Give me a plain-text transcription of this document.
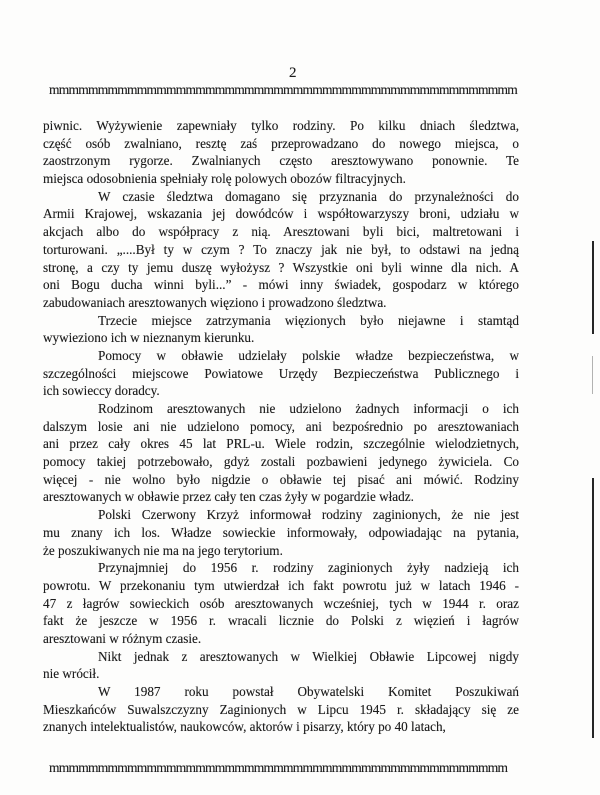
2
mmmmmmmmmmmmmmmmmmmmmmmmmmmmmmmmmmmmmmmmmmmmmmmm
piwnic. Wyżywienie zapewniały tylko rodziny. Po kilku dniach śledztwa,
część osób zwalniano, resztę zaś przeprowadzano do nowego miejsca, o
zaostrzonym rygorze. Zwalnianych często aresztowywano ponownie. Te
miejsca odosobnienia spełniały rolę polowych obozów filtracyjnych.
W czasie śledztwa domagano się przyznania do przynależności do
Armii Krajowej, wskazania jej dowódców i współtowarzyszy broni, udziału w
akcjach albo do współpracy z nią. Aresztowani byli bici, maltretowani i
torturowani. „....Był ty w czym ? To znaczy jak nie był, to odstawi na jedną
stronę, a czy ty jemu duszę wyłożysz ? Wszystkie oni byli winne dla nich. A
oni Bogu ducha winni byli...” - mówi inny świadek, gospodarz w którego
zabudowaniach aresztowanych więziono i prowadzono śledztwa.
Trzecie miejsce zatrzymania więzionych było niejawne i stamtąd
wywieziono ich w nieznanym kierunku.
Pomocy w obławie udzielały polskie władze bezpieczeństwa, w
szczególności miejscowe Powiatowe Urzędy Bezpieczeństwa Publicznego i
ich sowieccy doradcy.
Rodzinom aresztowanych nie udzielono żadnych informacji o ich
dalszym losie ani nie udzielono pomocy, ani bezpośrednio po aresztowaniach
ani przez cały okres 45 lat PRL-u. Wiele rodzin, szczególnie wielodzietnych,
pomocy takiej potrzebowało, gdyż zostali pozbawieni jedynego żywiciela. Co
więcej - nie wolno było nigdzie o obławie tej pisać ani mówić. Rodziny
aresztowanych w obławie przez cały ten czas żyły w pogardzie władz.
Polski Czerwony Krzyż informował rodziny zaginionych, że nie jest
mu znany ich los. Władze sowieckie informowały, odpowiadając na pytania,
że poszukiwanych nie ma na jego terytorium.
Przynajmniej do 1956 r. rodziny zaginionych żyły nadzieją ich
powrotu. W przekonaniu tym utwierdzał ich fakt powrotu już w latach 1946 -
47 z łagrów sowieckich osób aresztowanych wcześniej, tych w 1944 r. oraz
fakt że jeszcze w 1956 r. wracali licznie do Polski z więzień i łagrów
aresztowani w różnym czasie.
Nikt jednak z aresztowanych w Wielkiej Obławie Lipcowej nigdy
nie wrócił.
W 1987 roku powstał Obywatelski Komitet Poszukiwań
Mieszkańców Suwalszczyzny Zaginionych w Lipcu 1945 r. składający się ze
znanych intelektualistów, naukowców, aktorów i pisarzy, który po 40 latach,
mmmmmmmmmmmmmmmmmmmmmmmmmmmmmmmmmmmmmmmmmmmmmmm
